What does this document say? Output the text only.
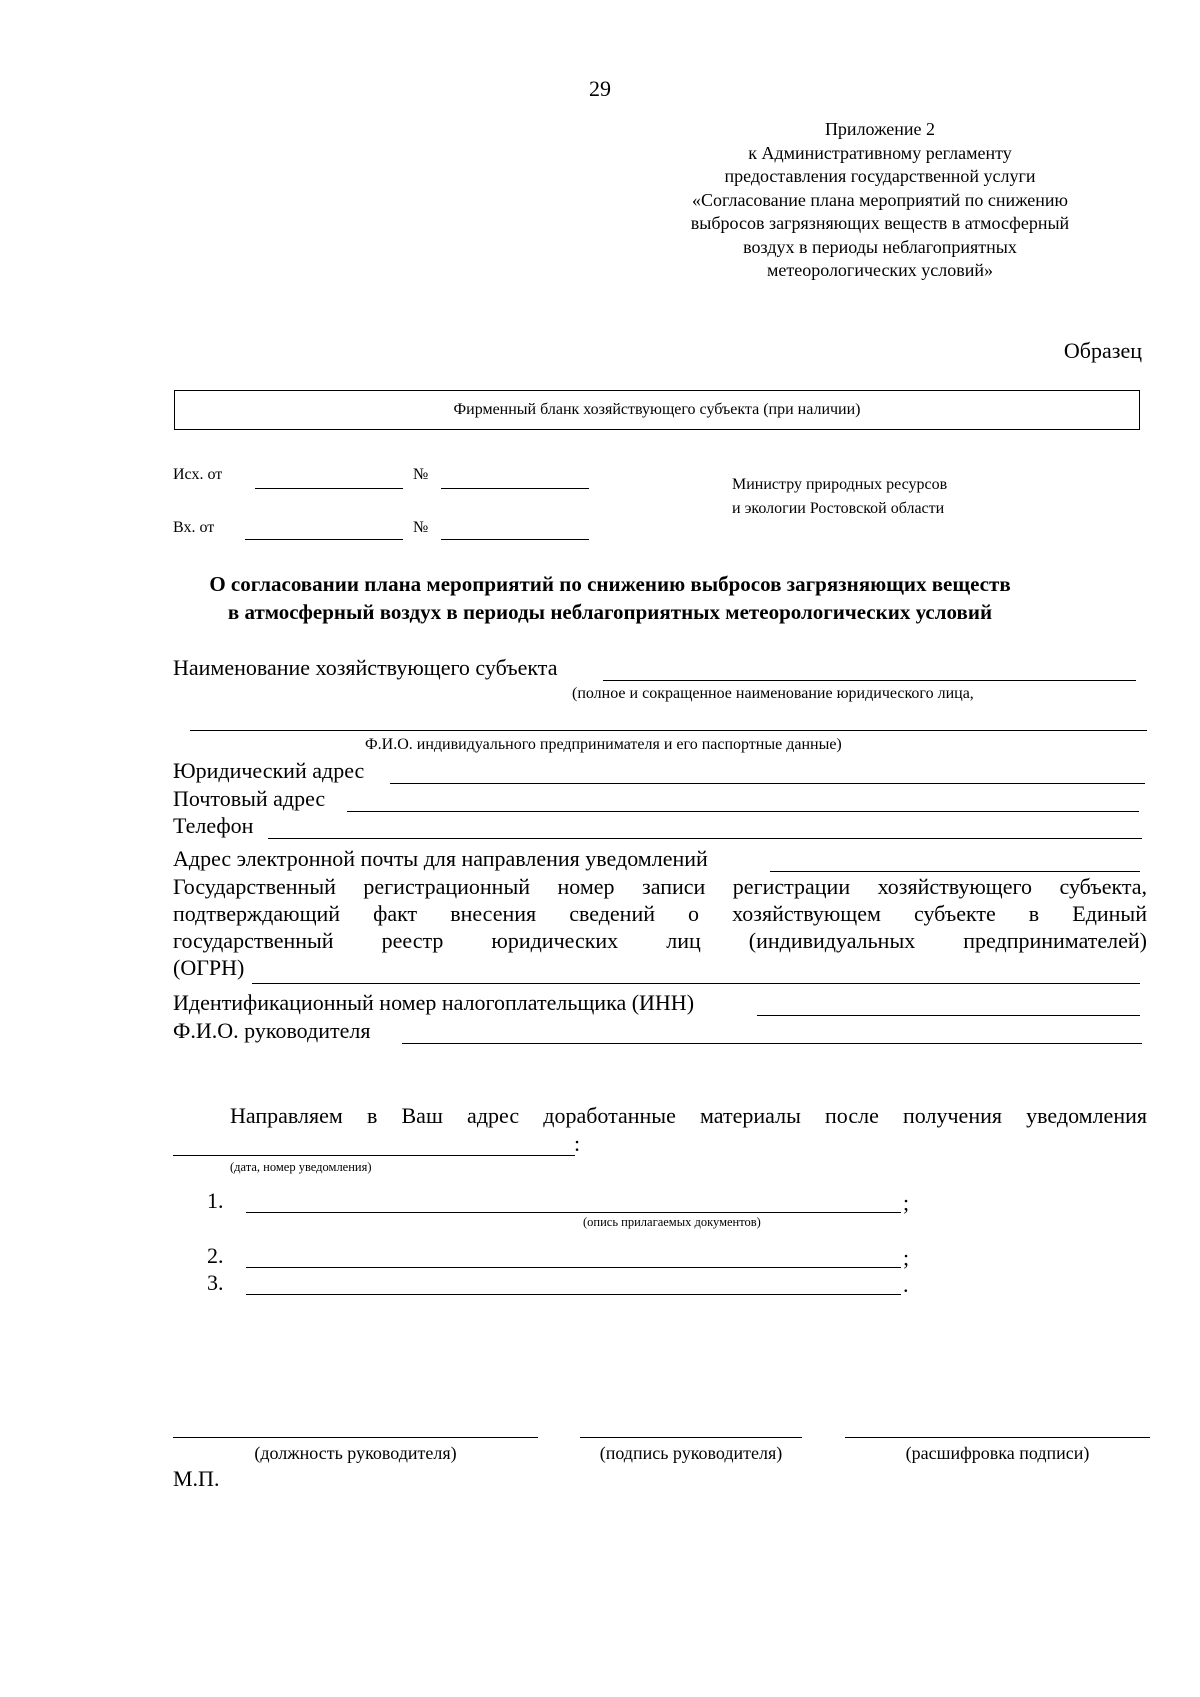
29
Приложение 2
к Административному регламенту
предоставления государственной услуги
«Согласование плана мероприятий по снижению
выбросов загрязняющих веществ в атмосферный
воздух в периоды неблагоприятных
метеорологических условий»
Образец
Фирменный бланк хозяйствующего субъекта (при наличии)
Исх. от	№
Вх. от	№
Министру природных ресурсов
и экологии Ростовской области
О согласовании плана мероприятий по снижению выбросов загрязняющих веществ
в атмосферный воздух в периоды неблагоприятных метеорологических условий
Наименование хозяйствующего субъекта
(полное и сокращенное наименование юридического лица,
Ф.И.О. индивидуального предпринимателя и его паспортные данные)
Юридический адрес
Почтовый адрес
Телефон
Адрес электронной почты для направления уведомлений
Государственный регистрационный номер записи регистрации хозяйствующего субъекта,
подтверждающий факт внесения сведений о хозяйствующем субъекте в Единый
государственный реестр юридических лиц (индивидуальных предпринимателей)
(ОГРН)
Идентификационный номер налогоплательщика (ИНН)
Ф.И.О. руководителя
Направляем в Ваш адрес доработанные материалы после получения уведомления
:
(дата, номер уведомления)
1.	;
(опись прилагаемых документов)
2.	;
3.	.
(должность руководителя)	(подпись руководителя)	(расшифровка подписи)
М.П.
